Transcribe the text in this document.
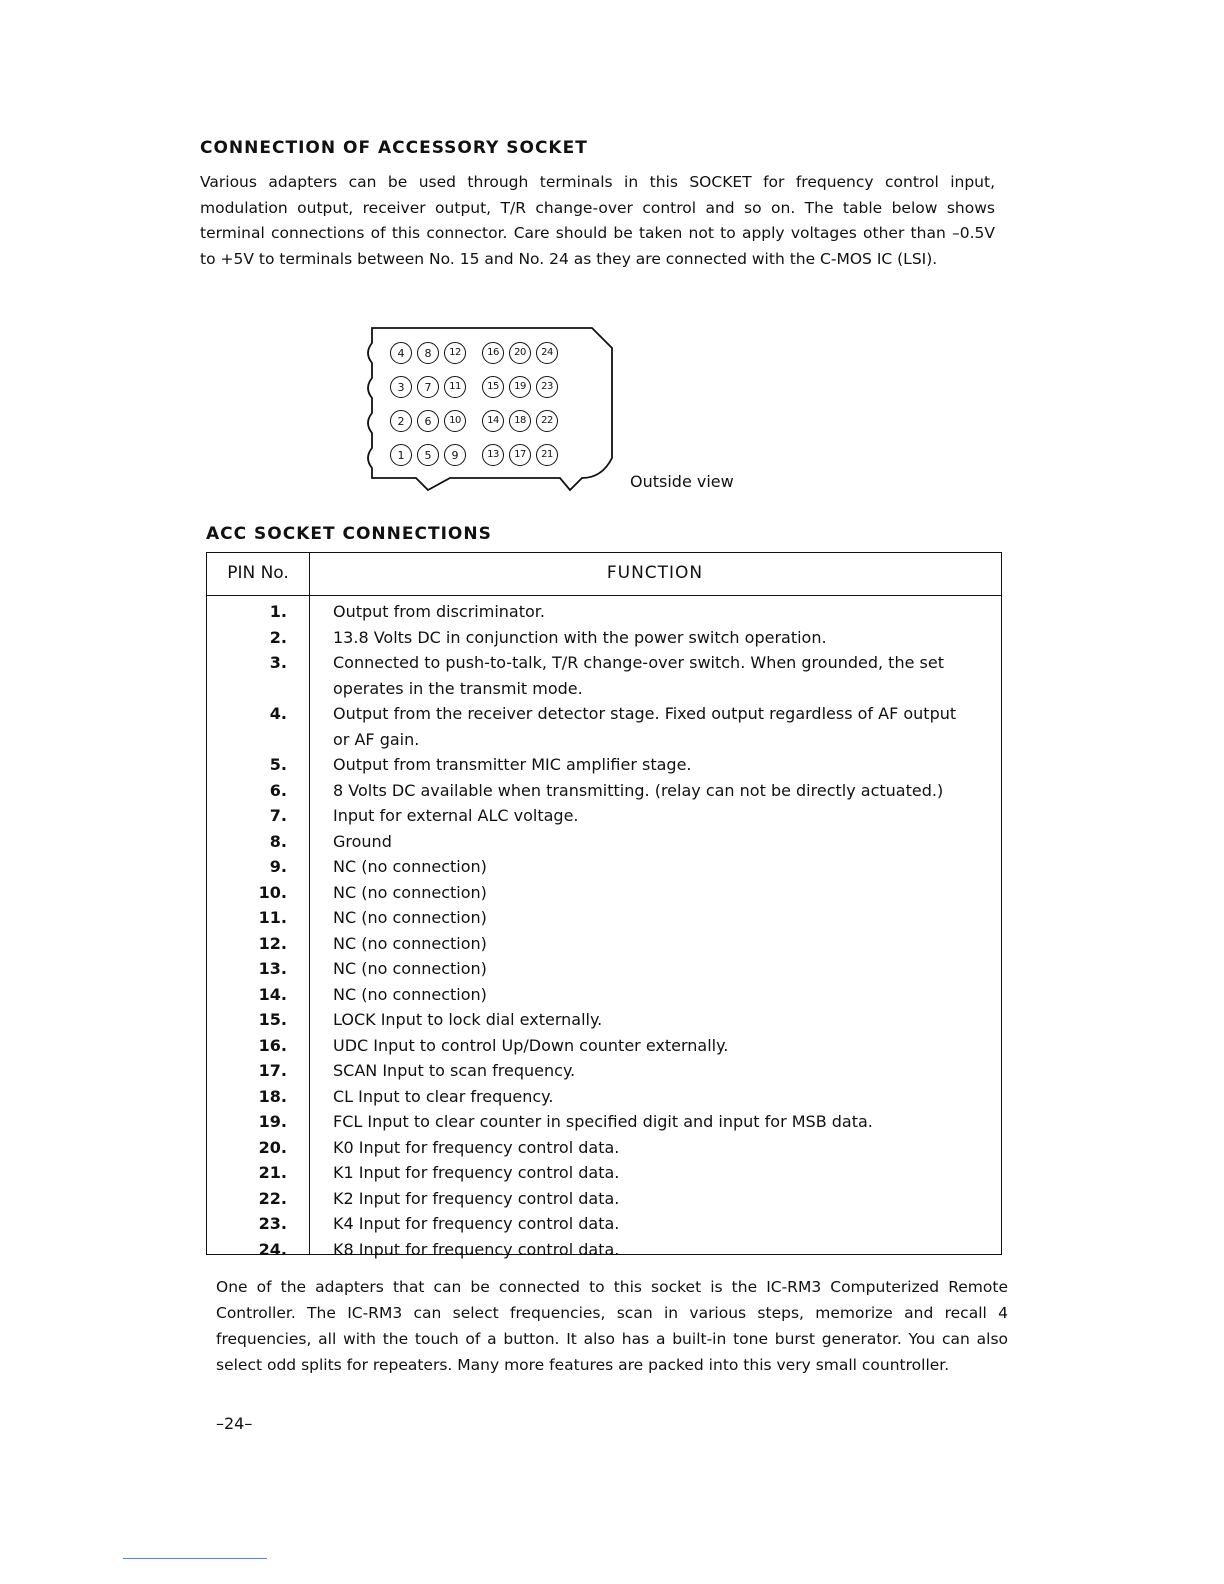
CONNECTION OF ACCESSORY SOCKET

Various adapters can be used through terminals in this SOCKET for frequency control input, modulation output, receiver output, T/R change-over control and so on. The table below shows terminal connections of this connector. Care should be taken not to apply voltages other than –0.5V to +5V to terminals between No. 15 and No. 24 as they are connected with the C-MOS IC (LSI).

4	8	12	16	20	24
3	7	11	15	19	23
2	6	10	14	18	22
1	5	9	13	17	21
Outside view
ACC SOCKET CONNECTIONS
PIN No.	FUNCTION
1.	Output from discriminator.
2.	13.8 Volts DC in conjunction with the power switch operation.
3.	Connected to push-to-talk, T/R change-over switch. When grounded, the set operates in the transmit mode.
4.	Output from the receiver detector stage. Fixed output regardless of AF output or AF gain.
5.	Output from transmitter MIC amplifier stage.
6.	8 Volts DC available when transmitting. (relay can not be directly actuated.)
7.	Input for external ALC voltage.
8.	Ground
9.	NC (no connection)
10.	NC (no connection)
11.	NC (no connection)
12.	NC (no connection)
13.	NC (no connection)
14.	NC (no connection)
15.	LOCK Input to lock dial externally.
16.	UDC Input to control Up/Down counter externally.
17.	SCAN Input to scan frequency.
18.	CL Input to clear frequency.
19.	FCL Input to clear counter in specified digit and input for MSB data.
20.	K0 Input for frequency control data.
21.	K1 Input for frequency control data.
22.	K2 Input for frequency control data.
23.	K4 Input for frequency control data.
24.	K8 Input for frequency control data.

One of the adapters that can be connected to this socket is the IC-RM3 Computerized Remote Controller. The IC-RM3 can select frequencies, scan in various steps, memorize and recall 4 frequencies, all with the touch of a button. It also has a built-in tone burst generator. You can also select odd splits for repeaters. Many more features are packed into this very small countroller.

–24–
